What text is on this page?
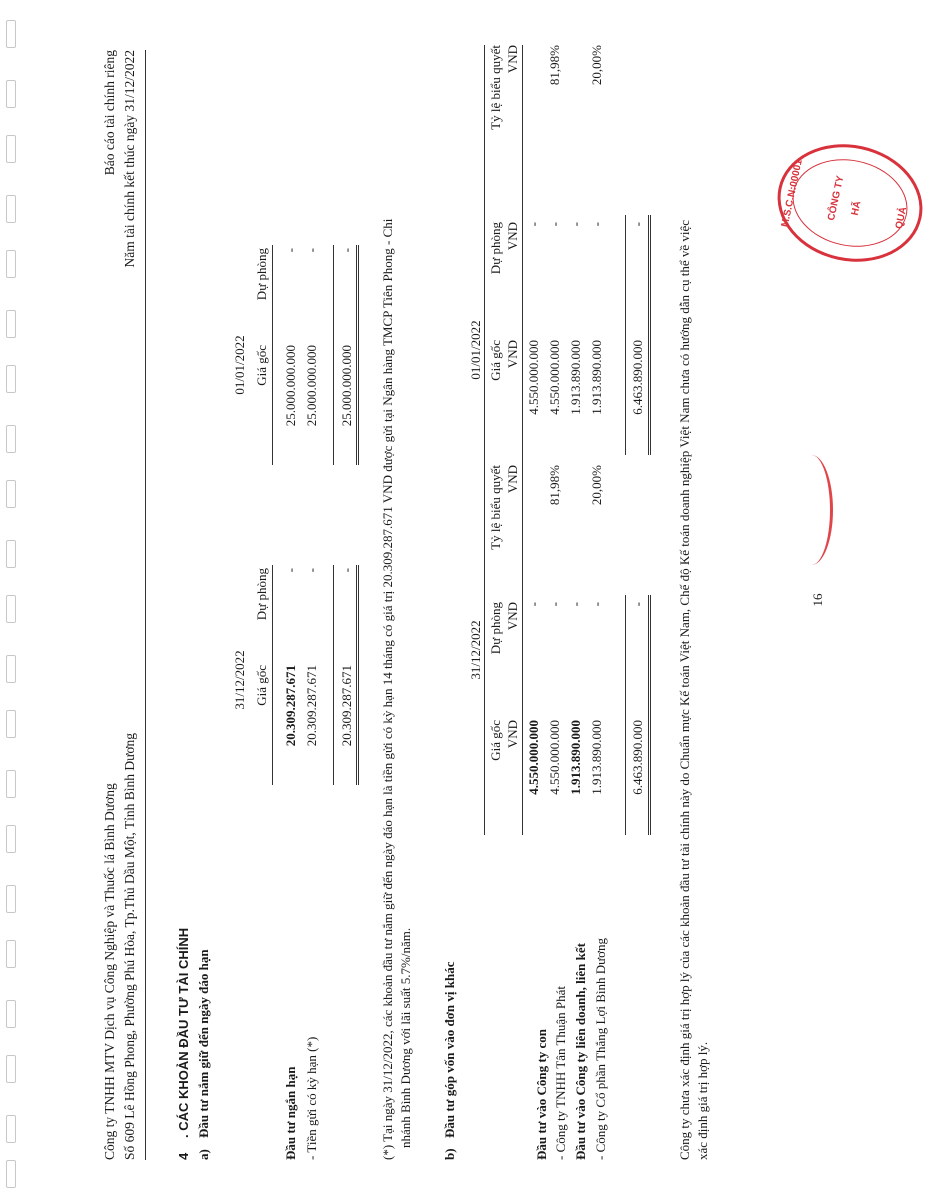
M.S.C.N:00001 CÔNG TY HÃ	QUẢ
Công ty TNHH MTV Dịch vụ Công Nghiệp và Thuốc lá Bình Dương Số 609 Lê Hồng Phong, Phường Phú Hòa, Tp.Thủ Dầu Một, Tỉnh Bình Dương
Báo cáo tài chính riêng Năm tài chính kết thúc ngày 31/12/2022
4
. CÁC KHOẢN ĐẦU TƯ TÀI CHÍNH
a)
Đầu tư nắm giữ đến ngày đáo hạn
31/12/2022
01/01/2022
Giá gốc
Dự phòng
Giá gốc
Dự phòng
Đầu tư ngắn hạn
20.309.287.671
-
25.000.000.000
-
- Tiền gửi có kỳ hạn (*)
20.309.287.671
-
25.000.000.000
-
20.309.287.671
-
25.000.000.000
- (*) Tại ngày 31/12/2022, các khoản đầu tư nắm giữ đến ngày đáo hạn là tiền gửi có kỳ hạn 14 tháng có giá trị 20.309.287.671 VND được gửi tại Ngân hàng TMCP Tiên Phong - Chi nhánh Bình Dương với lãi suất 5.7%/năm.
b)
Đầu tư góp vốn vào đơn vị khác
31/12/2022
01/01/2022
Giá gốc
Dự phòng
Tỷ lệ biểu quyết
Giá gốc
Dự phòng
Tỷ lệ biểu quyết
VND
VND
VND
VND
VND
VND
Đầu tư vào Công ty con
4.550.000.000
-
4.550.000.000
-
- Công ty TNHH Tân Thuận Phát
4.550.000.000
-
81,98%
4.550.000.000
-
81,98%
Đầu tư vào Công ty liên doanh, liên kết
1.913.890.000
-
1.913.890.000
-
- Công ty Cổ phần Thắng Lợi Bình Dương
1.913.890.000
-
20,00%
1.913.890.000
-
20,00%
6.463.890.000
-
6.463.890.000
- Công ty chưa xác định giá trị hợp lý của các khoản đầu tư tài chính này do Chuẩn mực Kế toán Việt Nam, Chế độ Kế toán doanh nghiệp Việt Nam chưa có hướng dẫn cụ thể về việc xác định giá trị hợp lý.
16
